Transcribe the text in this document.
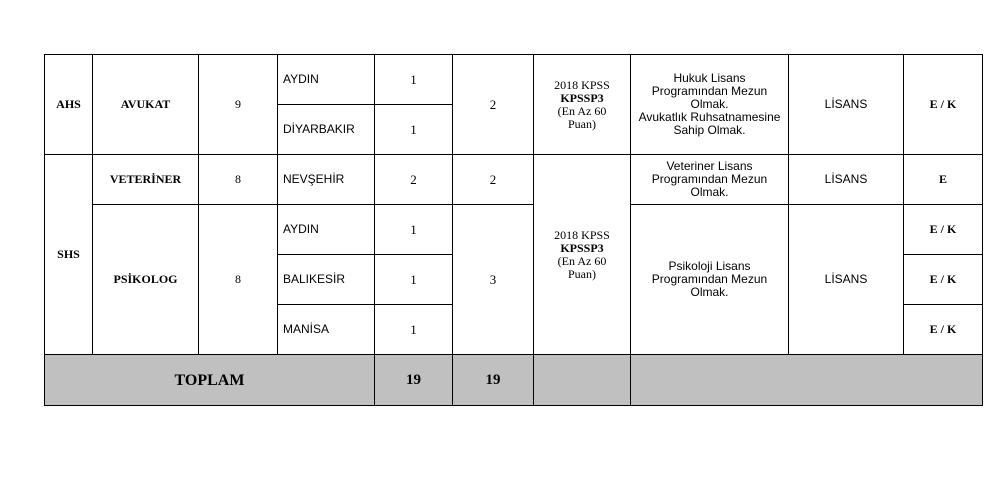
AHS	AVUKAT	9	AYDIN	1	2	2018 KPSS
KPSSP3
(En Az 60
Puan)	Hukuk Lisans
Programından Mezun
Olmak.
Avukatlık Ruhsatnamesine
Sahip Olmak.	LİSANS	E / K
			DİYARBAKIR	1					
SHS	VETERİNER	8	NEVŞEHİR	2	2	2018 KPSS
KPSSP3
(En Az 60
Puan)	Veteriner Lisans
Programından Mezun
Olmak.	LİSANS	E
	PSİKOLOG	8	AYDIN	1	3		Psikoloji Lisans
Programından Mezun
Olmak.	LİSANS	E / K
			BALIKESİR	1					E / K
			MANİSA	1					E / K
TOPLAM				19	19				
